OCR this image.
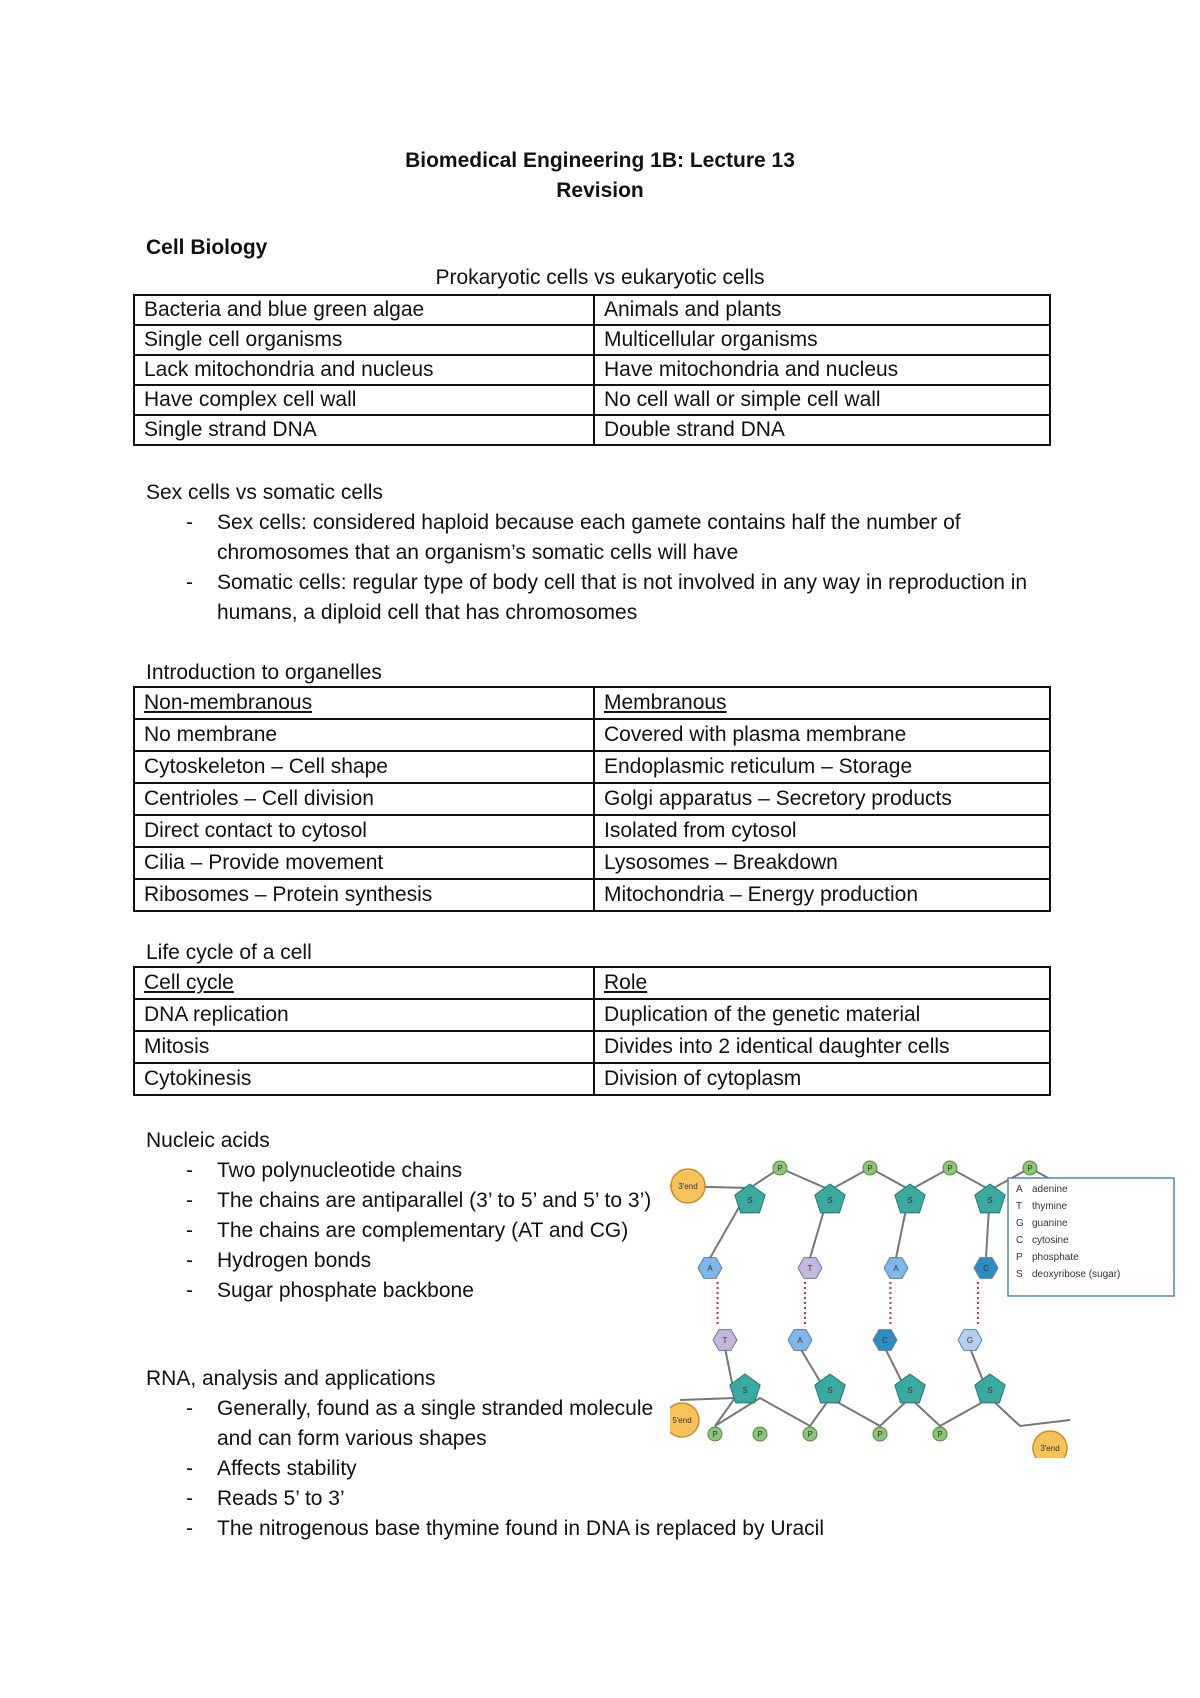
Biomedical Engineering 1B: Lecture 13
Revision
Cell Biology
Prokaryotic cells vs eukaryotic cells
Bacteria and blue green algae	Animals and plants
Single cell organisms	Multicellular organisms
Lack mitochondria and nucleus	Have mitochondria and nucleus
Have complex cell wall	No cell wall or simple cell wall
Single strand DNA	Double strand DNA
Sex cells vs somatic cells
- Sex cells: considered haploid because each gamete contains half the number of chromosomes that an organism’s somatic cells will have
- Somatic cells: regular type of body cell that is not involved in any way in reproduction in humans, a diploid cell that has chromosomes
Introduction to organelles
Non-membranous	Membranous
No membrane	Covered with plasma membrane
Cytoskeleton – Cell shape	Endoplasmic reticulum – Storage
Centrioles – Cell division	Golgi apparatus – Secretory products
Direct contact to cytosol	Isolated from cytosol
Cilia – Provide movement	Lysosomes – Breakdown
Ribosomes – Protein synthesis	Mitochondria – Energy production
Life cycle of a cell
Cell cycle	Role
DNA replication	Duplication of the genetic material
Mitosis	Divides into 2 identical daughter cells
Cytokinesis	Division of cytoplasm
Nucleic acids
- Two polynucleotide chains
- The chains are antiparallel (3’ to 5’ and 5’ to 3’)
- The chains are complementary (AT and CG)
- Hydrogen bonds
- Sugar phosphate backbone
RNA, analysis and applications
- Generally, found as a single stranded molecule and can form various shapes
- Affects stability
- Reads 5’ to 3’
- The nitrogenous base thymine found in DNA is replaced by Uracil
3'end
5'end
3'end
P	P	P	P
P	P	P	P	P
S	S	S	S
S	S	S	S
A	T	A	C
T	A	C	G
A adenine
T thymine
G guanine
C cytosine
P phosphate
S deoxyribose (sugar)
